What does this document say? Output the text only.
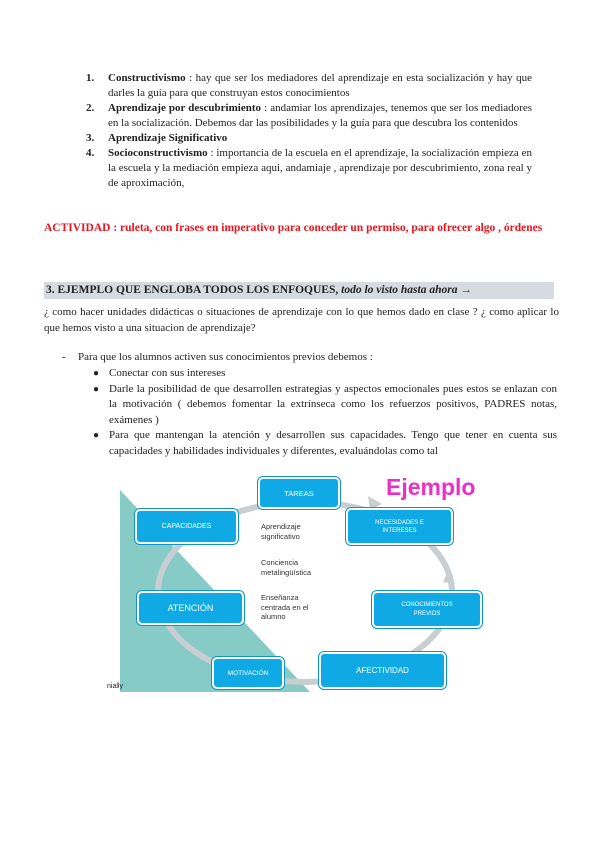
1. Constructivismo : hay que ser los mediadores del aprendizaje en esta socialización y hay que darles la guía para que construyan estos conocimientos
2. Aprendizaje por descubrimiento : andamiar los aprendizajes, tenemos que ser los mediadores en la socialización. Debemos dar las posibilidades y la guía para que descubra los contenidos
3. Aprendizaje Significativo
4. Socioconstructivismo : importancia de la escuela en el aprendizaje, la socialización empieza en la escuela y la mediación empieza aqui, andamiaje , aprendizaje por descubrimiento, zona real y de aproximación,
ACTIVIDAD : ruleta, con frases en imperativo para conceder un permiso, para ofrecer algo , órdenes
3. EJEMPLO QUE ENGLOBA TODOS LOS ENFOQUES, todo lo visto hasta ahora →
¿ como hacer unidades didácticas o situaciones de aprendizaje con lo que hemos dado en clase ? ¿ como aplicar lo que hemos visto a una situacion de aprendizaje?
- Para que los alumnos activen sus conocimientos previos debemos :
● Conectar con sus intereses
● Darle la posibilidad de que desarrollen estrategias y aspectos emocionales pues estos se enlazan con la motivación ( debemos fomentar la extrínseca como los refuerzos positivos, PADRES notas, exámenes )
● Para que mantengan la atención y desarrollen sus capacidades. Tengo que tener en cuenta sus capacidades y habilidades individuales y diferentes, evaluándolas como tal
Ejemplo
TAREAS
NECESIDADES E INTERESES
CONOCIMIENTOS PREVIOS
AFECTIVIDAD
MOTIVACIÓN
ATENCIÓN
CAPACIDADES	Aprendizaje significativo
Conciencia metalingüística
Enseñanza centrada en el alumno
nially
